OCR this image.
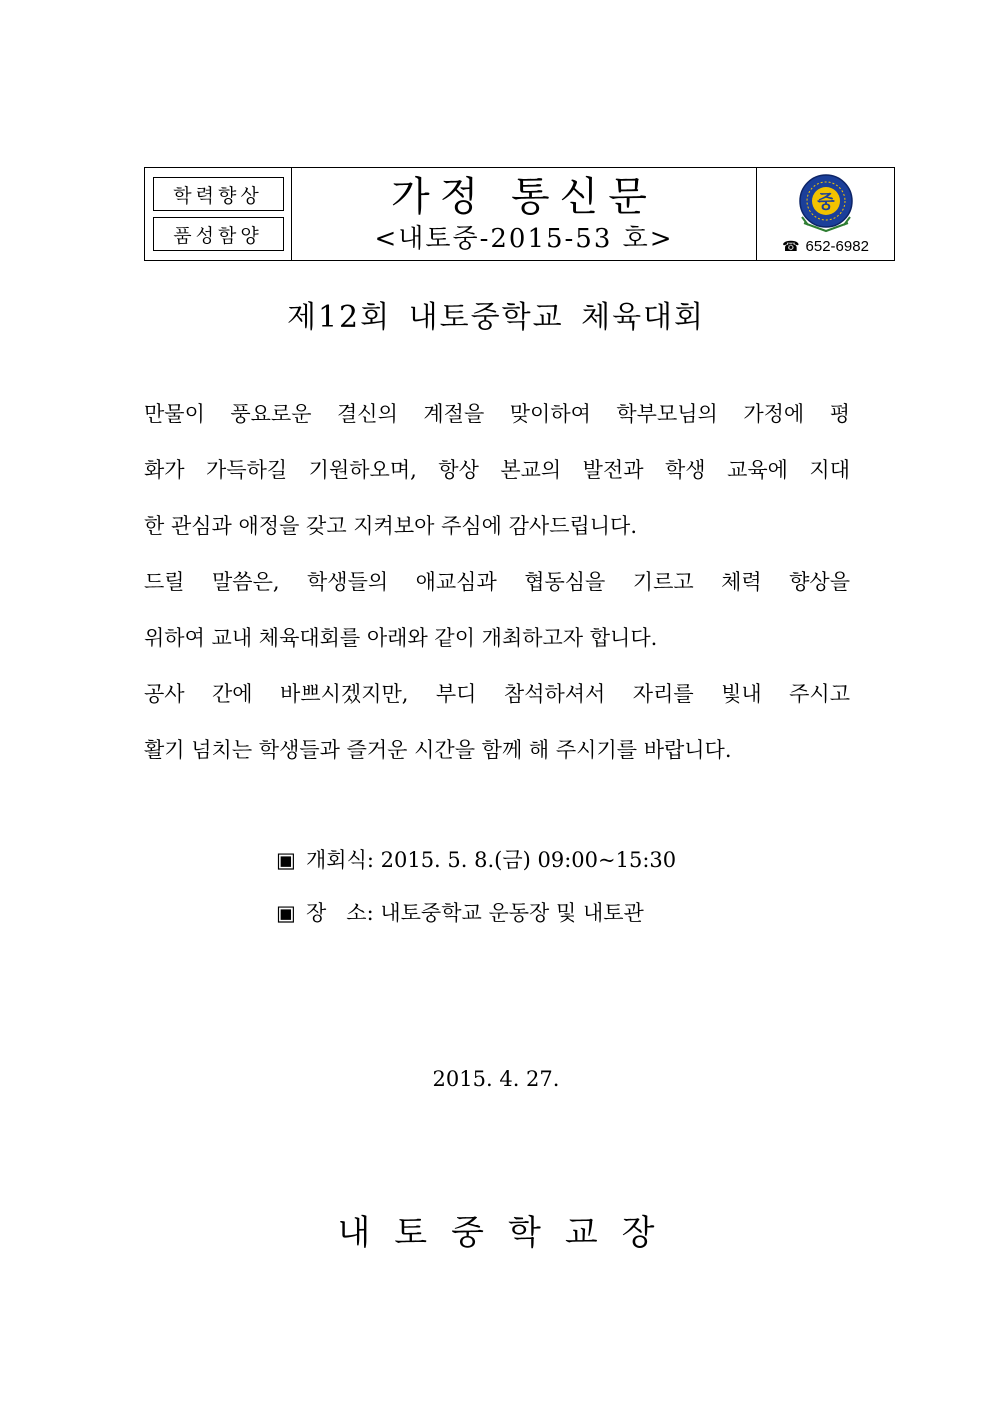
학력향상
품성함양
가정 통신문
<내토중-2015-53 호>
중
☎ 652-6982
제12회 내토중학교 체육대회

만물이 풍요로운 결신의 계절을 맞이하여 학부모님의 가정에 평

화가 가득하길 기원하오며, 항상 본교의 발전과 학생 교육에 지대

한 관심과 애정을 갖고 지켜보아 주심에 감사드립니다.

드릴 말씀은, 학생들의 애교심과 협동심을 기르고 체력 향상을

위하여 교내 체육대회를 아래와 같이 개최하고자 합니다.

공사 간에 바쁘시겠지만, 부디 참석하셔서 자리를 빛내 주시고

활기 넘치는 학생들과 즐거운 시간을 함께 해 주시기를 바랍니다.

▣ 개회식: 2015. 5. 8.(금) 09:00~15:30
▣ 장   소: 내토중학교 운동장 및 내토관
2015. 4. 27.
내토중학교장
